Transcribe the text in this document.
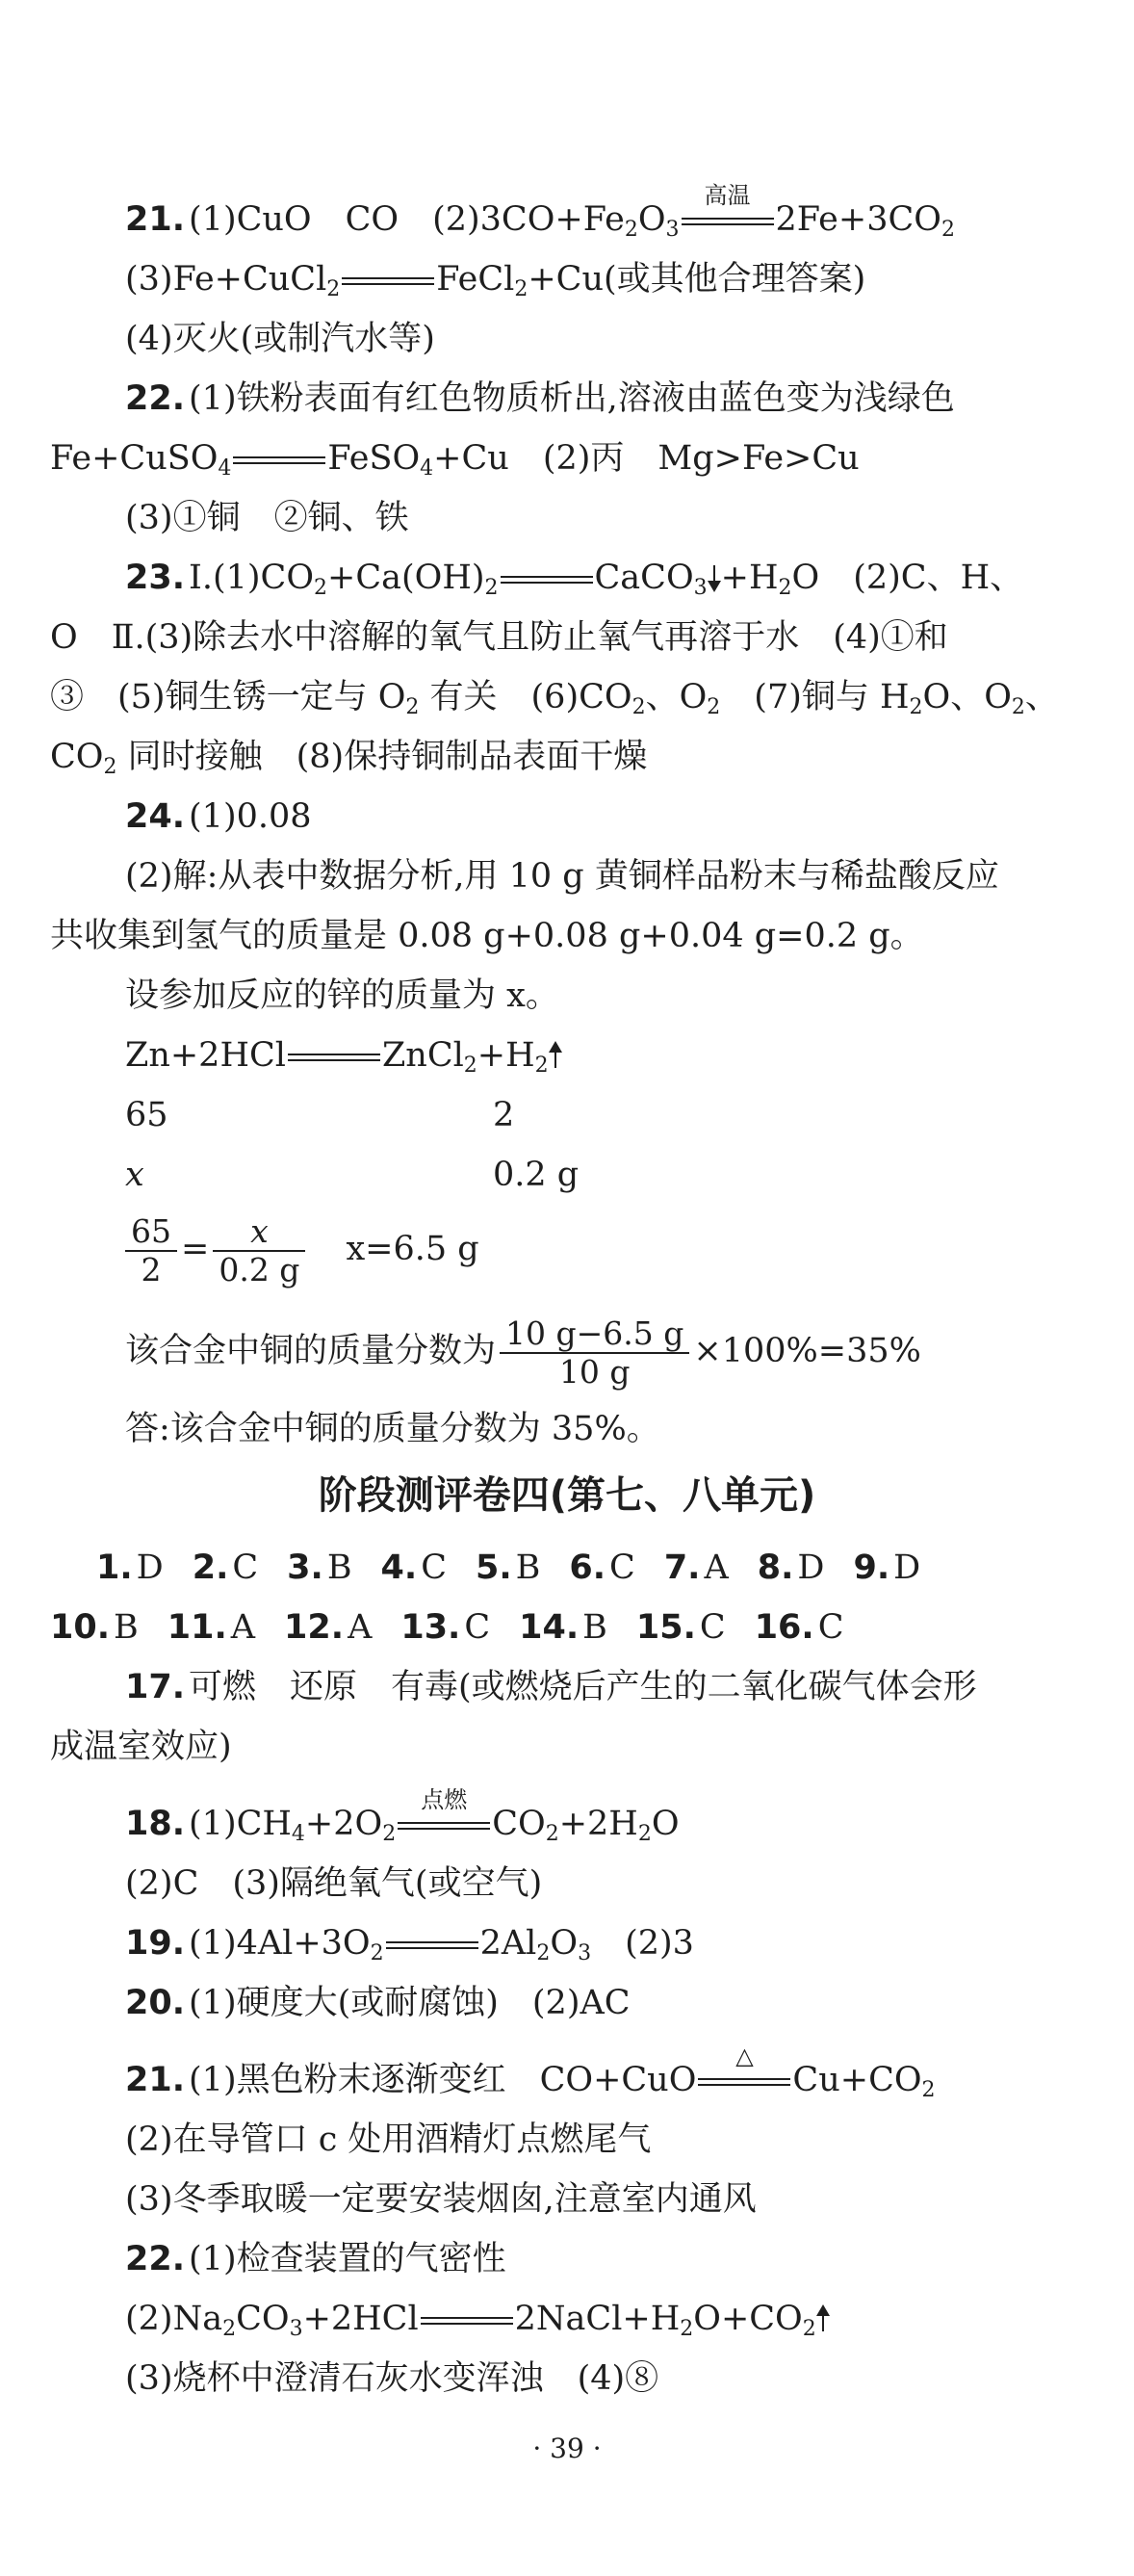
21. (1)CuO　CO　$(2)3CO+Fe_2O_3$
高温
$2Fe+3CO_2$
(3)Fe+CuCl$_2$	FeCl$_2$+Cu(或其他合理答案)
(4)灭火(或制汽水等)
22. (1)铁粉表面有红色物质析出,溶液由蓝色变为浅绿色
Fe+CuSO$_4$	FeSO$_4$+Cu　(2)丙　Mg>Fe>Cu
(3)①铜　②铜、铁
23. $Ⅰ.(1)CO_2+Ca(OH)_2$	CaCO$_3$ $+H_2O$　(2)C、H、
O　Ⅱ.(3)除去水中溶解的氧气且防止氧气再溶于水　(4)①和
③　(5)铜生锈一定与 $O_2$ 有关　$(6)CO_2$、$O_2$　(7)铜与 $H_2O$、$O_2$、
$CO_2$ 同时接触　(8)保持铜制品表面干燥
24. (1)0.08
(2)解:从表中数据分析,用 10 g 黄铜样品粉末与稀盐酸反应
共收集到氢气的质量是 0.08 g+0.08 g+0.04 g=0.2 g。
设参加反应的锌的质量为 x。
Zn+2HCl	$ZnCl_2+H_2$
65	2
x	0.2 g
$\frac{65}{2} = \frac{x}{0.2 g} x=6.5$ g
该合金中铜的质量分数为 $\frac{10 g-6.5 g}{10 g} \times 100\%=35\%$
答:该合金中铜的质量分数为 35%。
阶段测评卷四(第七、八单元)
1. D 2. C 3. B 4. C 5. B 6. C 7. A 8. D 9. D
10. B 11. A 12. A 13. C 14. B 15. C 16. C
17. 可燃　还原　有毒(或燃烧后产生的二氧化碳气体会形
成温室效应)
18. $(1)CH_4+2O_2$
点燃
$CO_2+2H_2O$
(2)C　(3)隔绝氧气(或空气)
19. $(1)4Al+3O_2$	$2Al_2O_3$　(2)3
20. (1)硬度大(或耐腐蚀)　(2)AC
21. (1)黑色粉末逐渐变红　CO+CuO
△
$Cu+CO_2$
(2)在导管口 c 处用酒精灯点燃尾气
(3)冬季取暖一定要安装烟囱,注意室内通风
22. (1)检查装置的气密性
$(2)Na_2CO_3+2HCl$	$2NaCl+H_2O+CO_2$
(3)烧杯中澄清石灰水变浑浊　(4)⑧
· 39 ·
